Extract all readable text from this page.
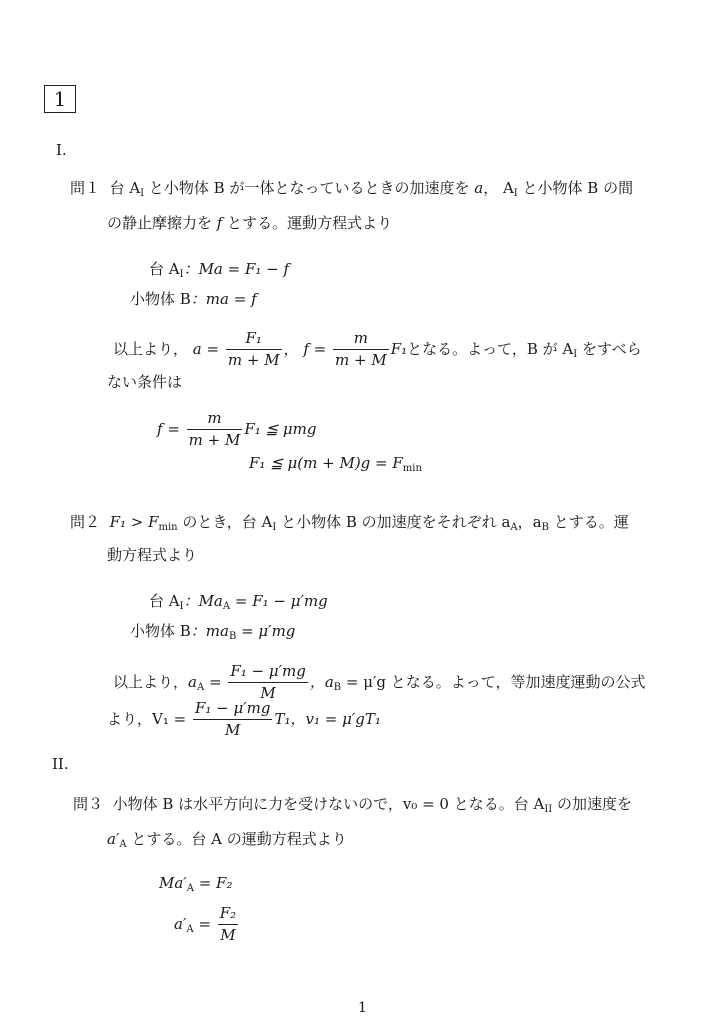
1
I.
問１ 台 $A_I$ と小物体 B が一体となっているときの加速度を a， $A_I$ と小物体 B の間
の静止摩擦力を f とする。運動方程式より
台 $A_I$：Ma = F₁ − f
小物体 B：ma = f
以上より， $a = \frac{\text{F₁}}{m + M}$ ， $f = \frac{m}{m + M} F_1$となる。よって，B が $A_I$ をすべら
ない条件は
$f = \frac{m}{m + M} F_1$ ≦ μmg
F₁ ≦ $\mu(m + M)g = F_{min}$
問２ $F_1 > F_{min}$ のとき，台 $A_I$ と小物体 B の加速度をそれぞれ $a_A$，$a_B$ とする。運
動方程式より
台 $A_I$：$Ma_A = F_1 - \mu'mg$
小物体 B：$ma_B = \mu'mg$
以上より，$a_A = \frac{\text{F₁ − μ′mg}}{M}$ ，$a_B = \mu'g$ となる。よって，等加速度運動の公式
より，$V_1 = \frac{\text{F₁ − μ′mg}}{M} T_1$，v₁ = μ′gT₁
II.
問３ 小物体 B は水平方向に力を受けないので，v₀ = 0 となる。台 $A_{II}$ の加速度を
$a'_A$ とする。台 A の運動方程式より
$Ma'_A = F_2$
$a'_A = \frac{\text{F₂}}{M}$
1
